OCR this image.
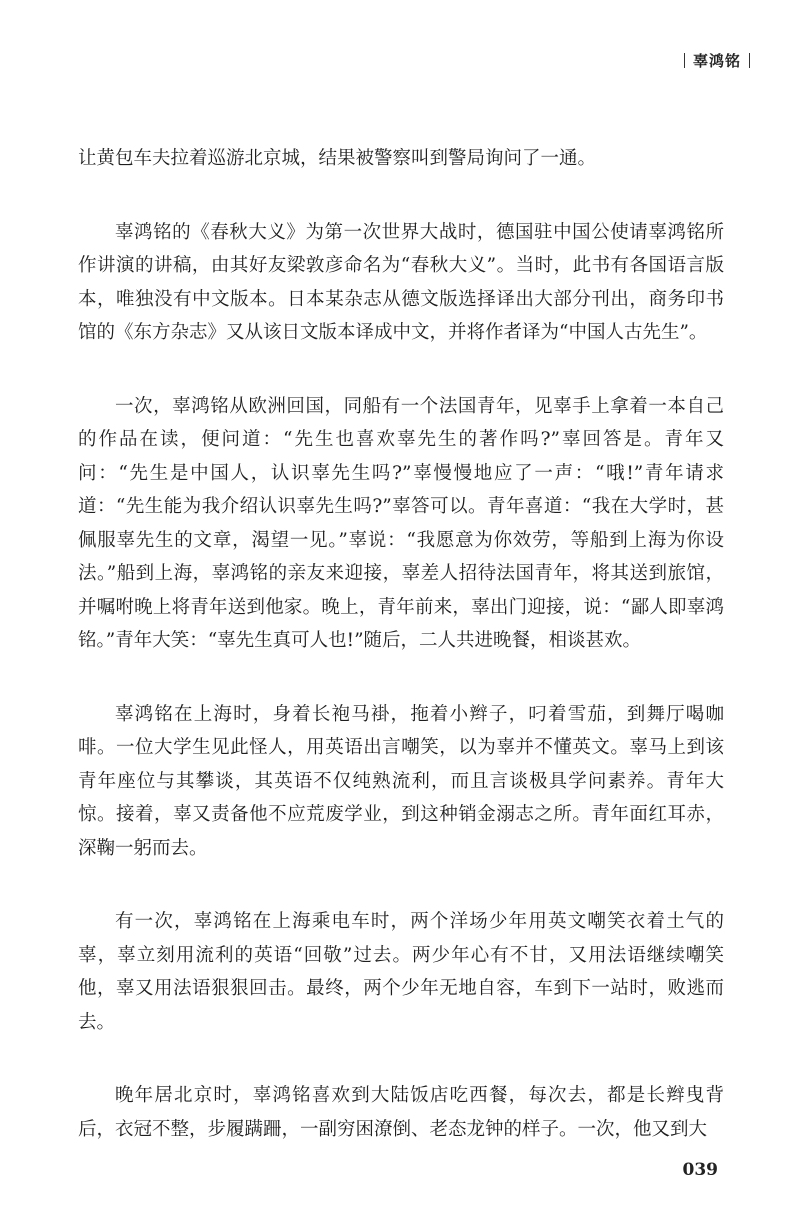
辜鸿铭

让黄包车夫拉着巡游北京城，结果被警察叫到警局询问了一通。

辜鸿铭的《春秋大义》为第一次世界大战时，德国驻中国公使请辜鸿铭所作讲演的讲稿，由其好友梁敦彦命名为“春秋大义”。当时，此书有各国语言版本，唯独没有中文版本。日本某杂志从德文版选择译出大部分刊出，商务印书馆的《东方杂志》又从该日文版本译成中文，并将作者译为“中国人古先生”。

一次，辜鸿铭从欧洲回国，同船有一个法国青年，见辜手上拿着一本自己的作品在读，便问道：“先生也喜欢辜先生的著作吗?”辜回答是。青年又问：“先生是中国人，认识辜先生吗?”辜慢慢地应了一声：“哦!”青年请求道：“先生能为我介绍认识辜先生吗?”辜答可以。青年喜道：“我在大学时，甚佩服辜先生的文章，渴望一见。”辜说：“我愿意为你效劳，等船到上海为你设法。”船到上海，辜鸿铭的亲友来迎接，辜差人招待法国青年，将其送到旅馆，并嘱咐晚上将青年送到他家。晚上，青年前来，辜出门迎接，说：“鄙人即辜鸿铭。”青年大笑：“辜先生真可人也!”随后，二人共进晚餐，相谈甚欢。

辜鸿铭在上海时，身着长袍马褂，拖着小辫子，叼着雪茄，到舞厅喝咖啡。一位大学生见此怪人，用英语出言嘲笑，以为辜并不懂英文。辜马上到该青年座位与其攀谈，其英语不仅纯熟流利，而且言谈极具学问素养。青年大惊。接着，辜又责备他不应荒废学业，到这种销金溺志之所。青年面红耳赤，深鞠一躬而去。

有一次，辜鸿铭在上海乘电车时，两个洋场少年用英文嘲笑衣着土气的辜，辜立刻用流利的英语“回敬”过去。两少年心有不甘，又用法语继续嘲笑他，辜又用法语狠狠回击。最终，两个少年无地自容，车到下一站时，败逃而去。

晚年居北京时，辜鸿铭喜欢到大陆饭店吃西餐，每次去，都是长辫曳背后，衣冠不整，步履蹒跚，一副穷困潦倒、老态龙钟的样子。一次，他又到大

039
